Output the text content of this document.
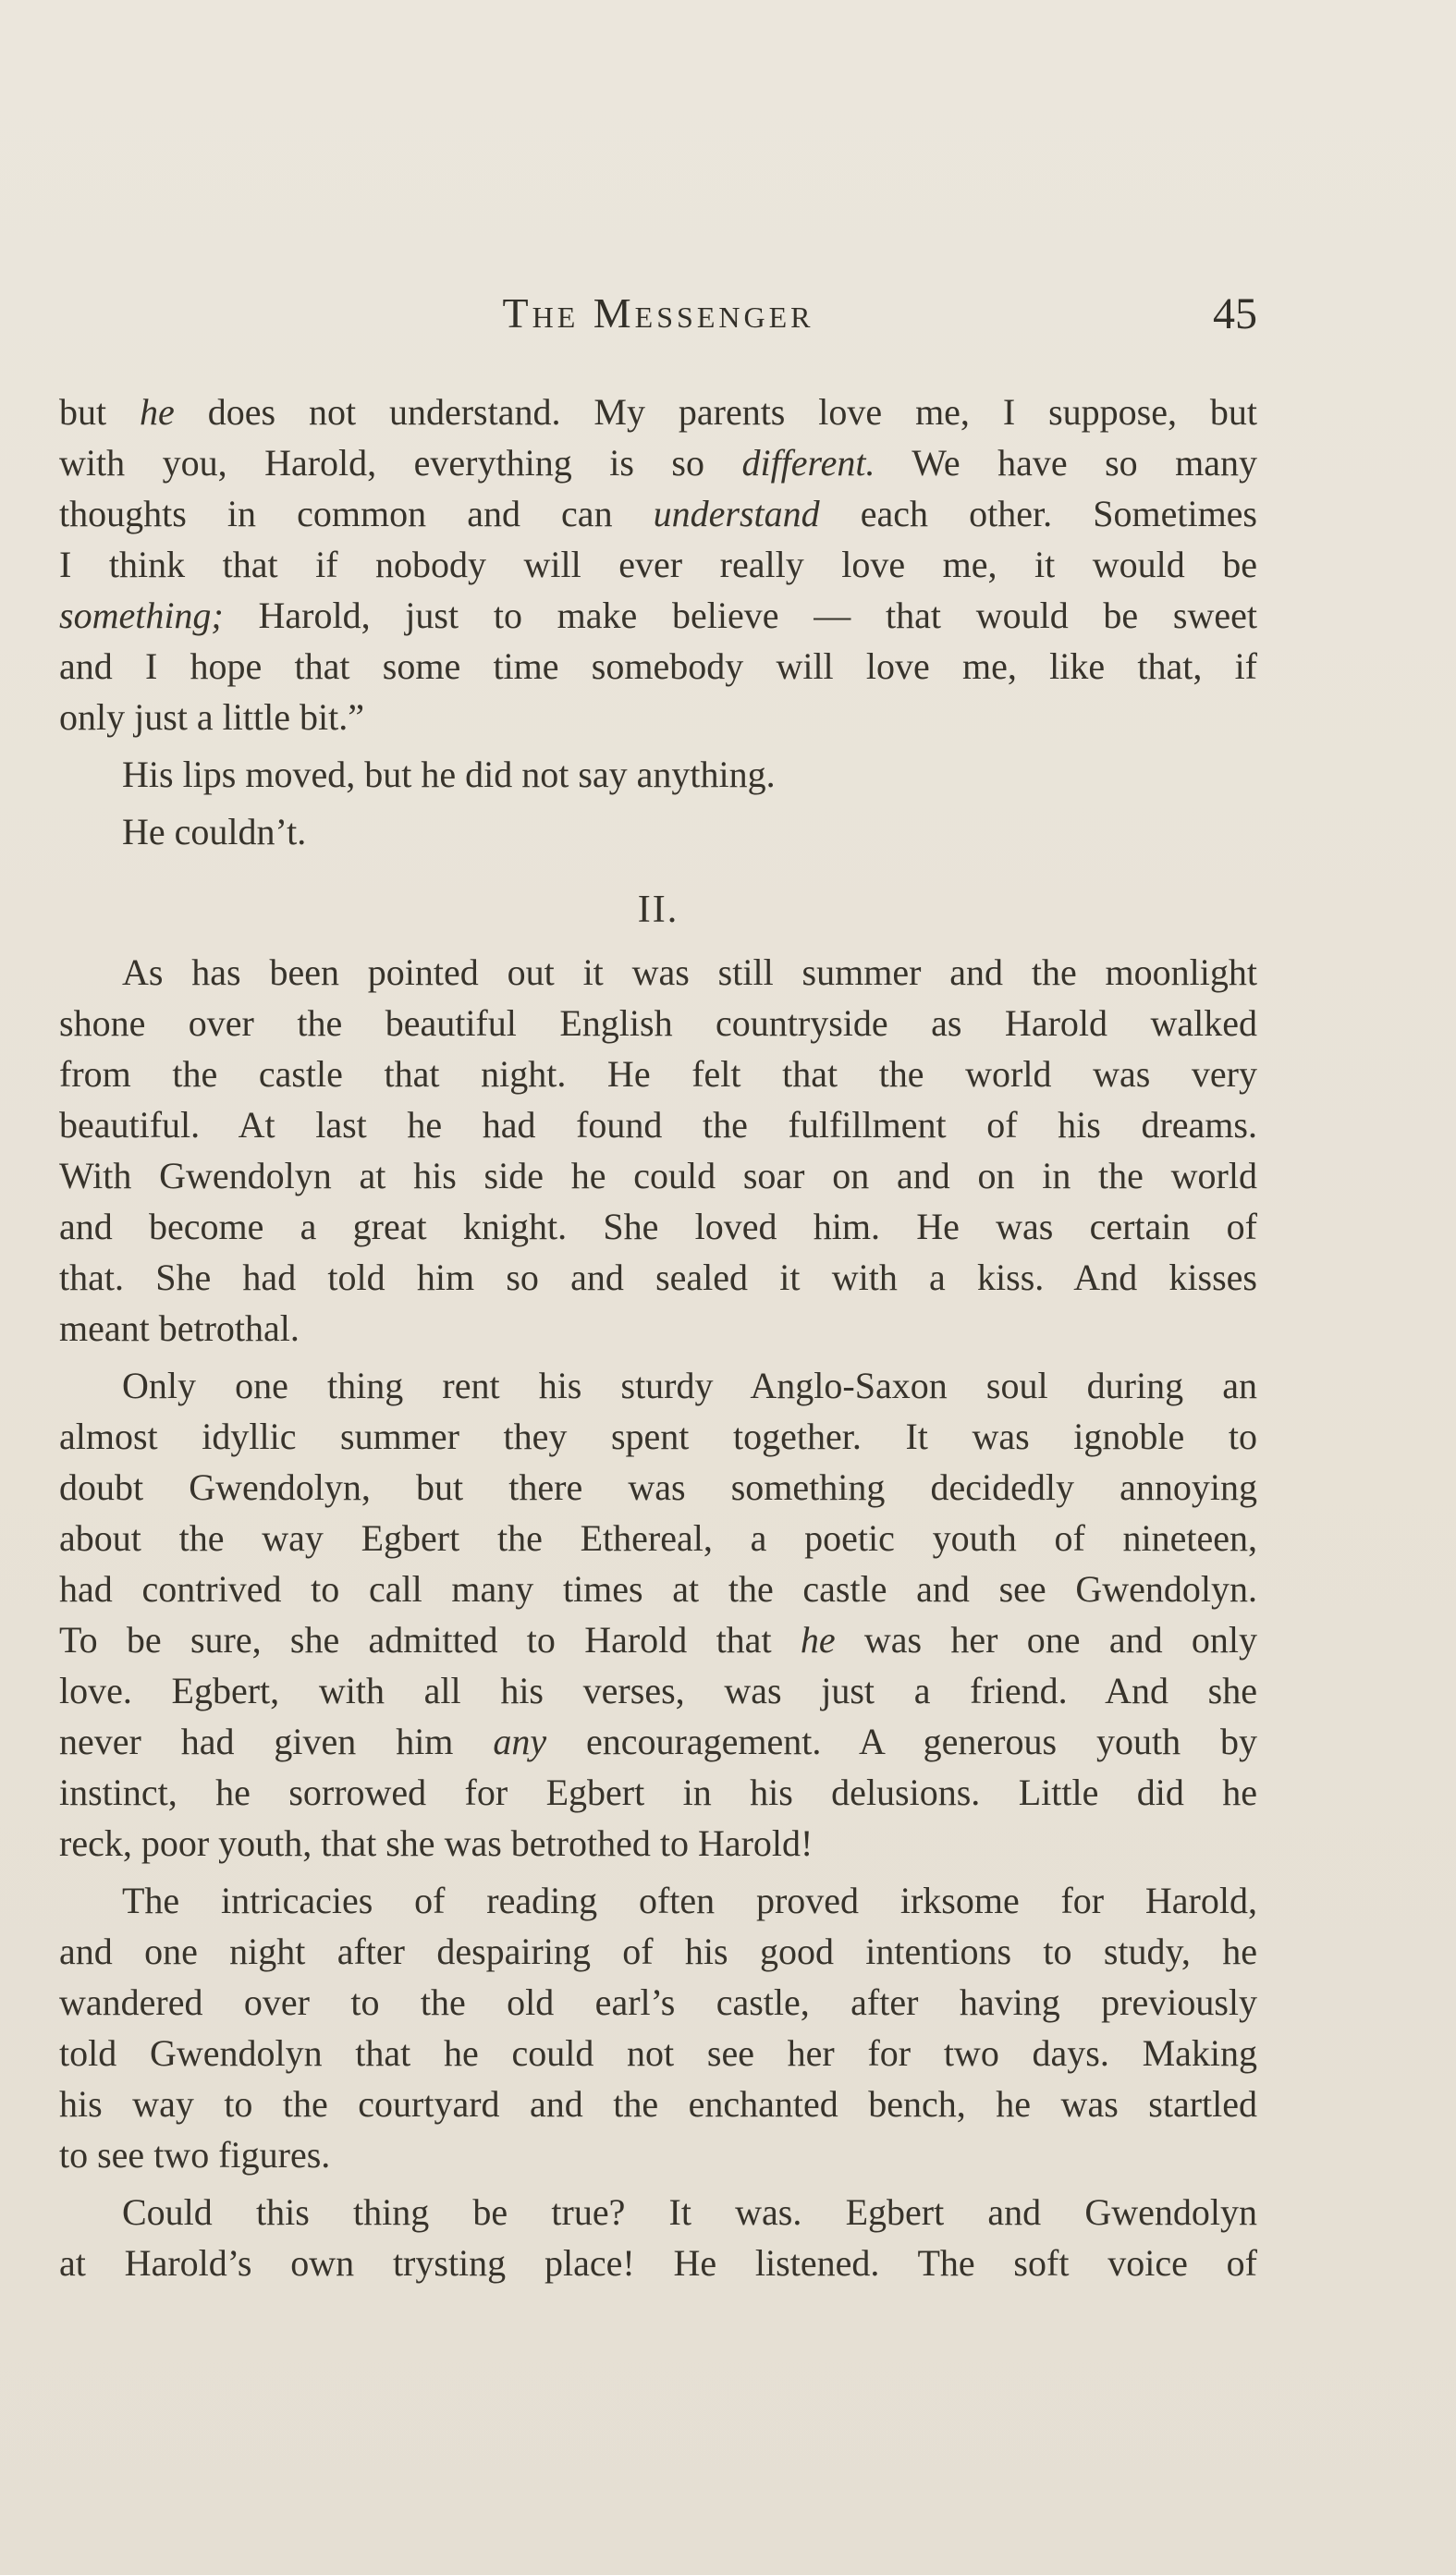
The Messenger	45
but he does not understand. My parents love me, I suppose, but
with you, Harold, everything is so different. We have so many
thoughts in common and can understand each other. Sometimes
I think that if nobody will ever really love me, it would be
something; Harold, just to make believe — that would be sweet
and I hope that some time somebody will love me, like that, if
only just a little bit.”
His lips moved, but he did not say anything.
He couldn’t.
II.
As has been pointed out it was still summer and the moonlight
shone over the beautiful English countryside as Harold walked
from the castle that night. He felt that the world was very
beautiful. At last he had found the fulfillment of his dreams.
With Gwendolyn at his side he could soar on and on in the world
and become a great knight. She loved him. He was certain of
that. She had told him so and sealed it with a kiss. And kisses
meant betrothal.
Only one thing rent his sturdy Anglo-Saxon soul during an
almost idyllic summer they spent together. It was ignoble to
doubt Gwendolyn, but there was something decidedly annoying
about the way Egbert the Ethereal, a poetic youth of nineteen,
had contrived to call many times at the castle and see Gwendolyn.
To be sure, she admitted to Harold that he was her one and only
love. Egbert, with all his verses, was just a friend. And she
never had given him any encouragement. A generous youth by
instinct, he sorrowed for Egbert in his delusions. Little did he
reck, poor youth, that she was betrothed to Harold!
The intricacies of reading often proved irksome for Harold,
and one night after despairing of his good intentions to study, he
wandered over to the old earl’s castle, after having previously
told Gwendolyn that he could not see her for two days. Making
his way to the courtyard and the enchanted bench, he was startled
to see two figures.
Could this thing be true? It was. Egbert and Gwendolyn
at Harold’s own trysting place! He listened. The soft voice of
